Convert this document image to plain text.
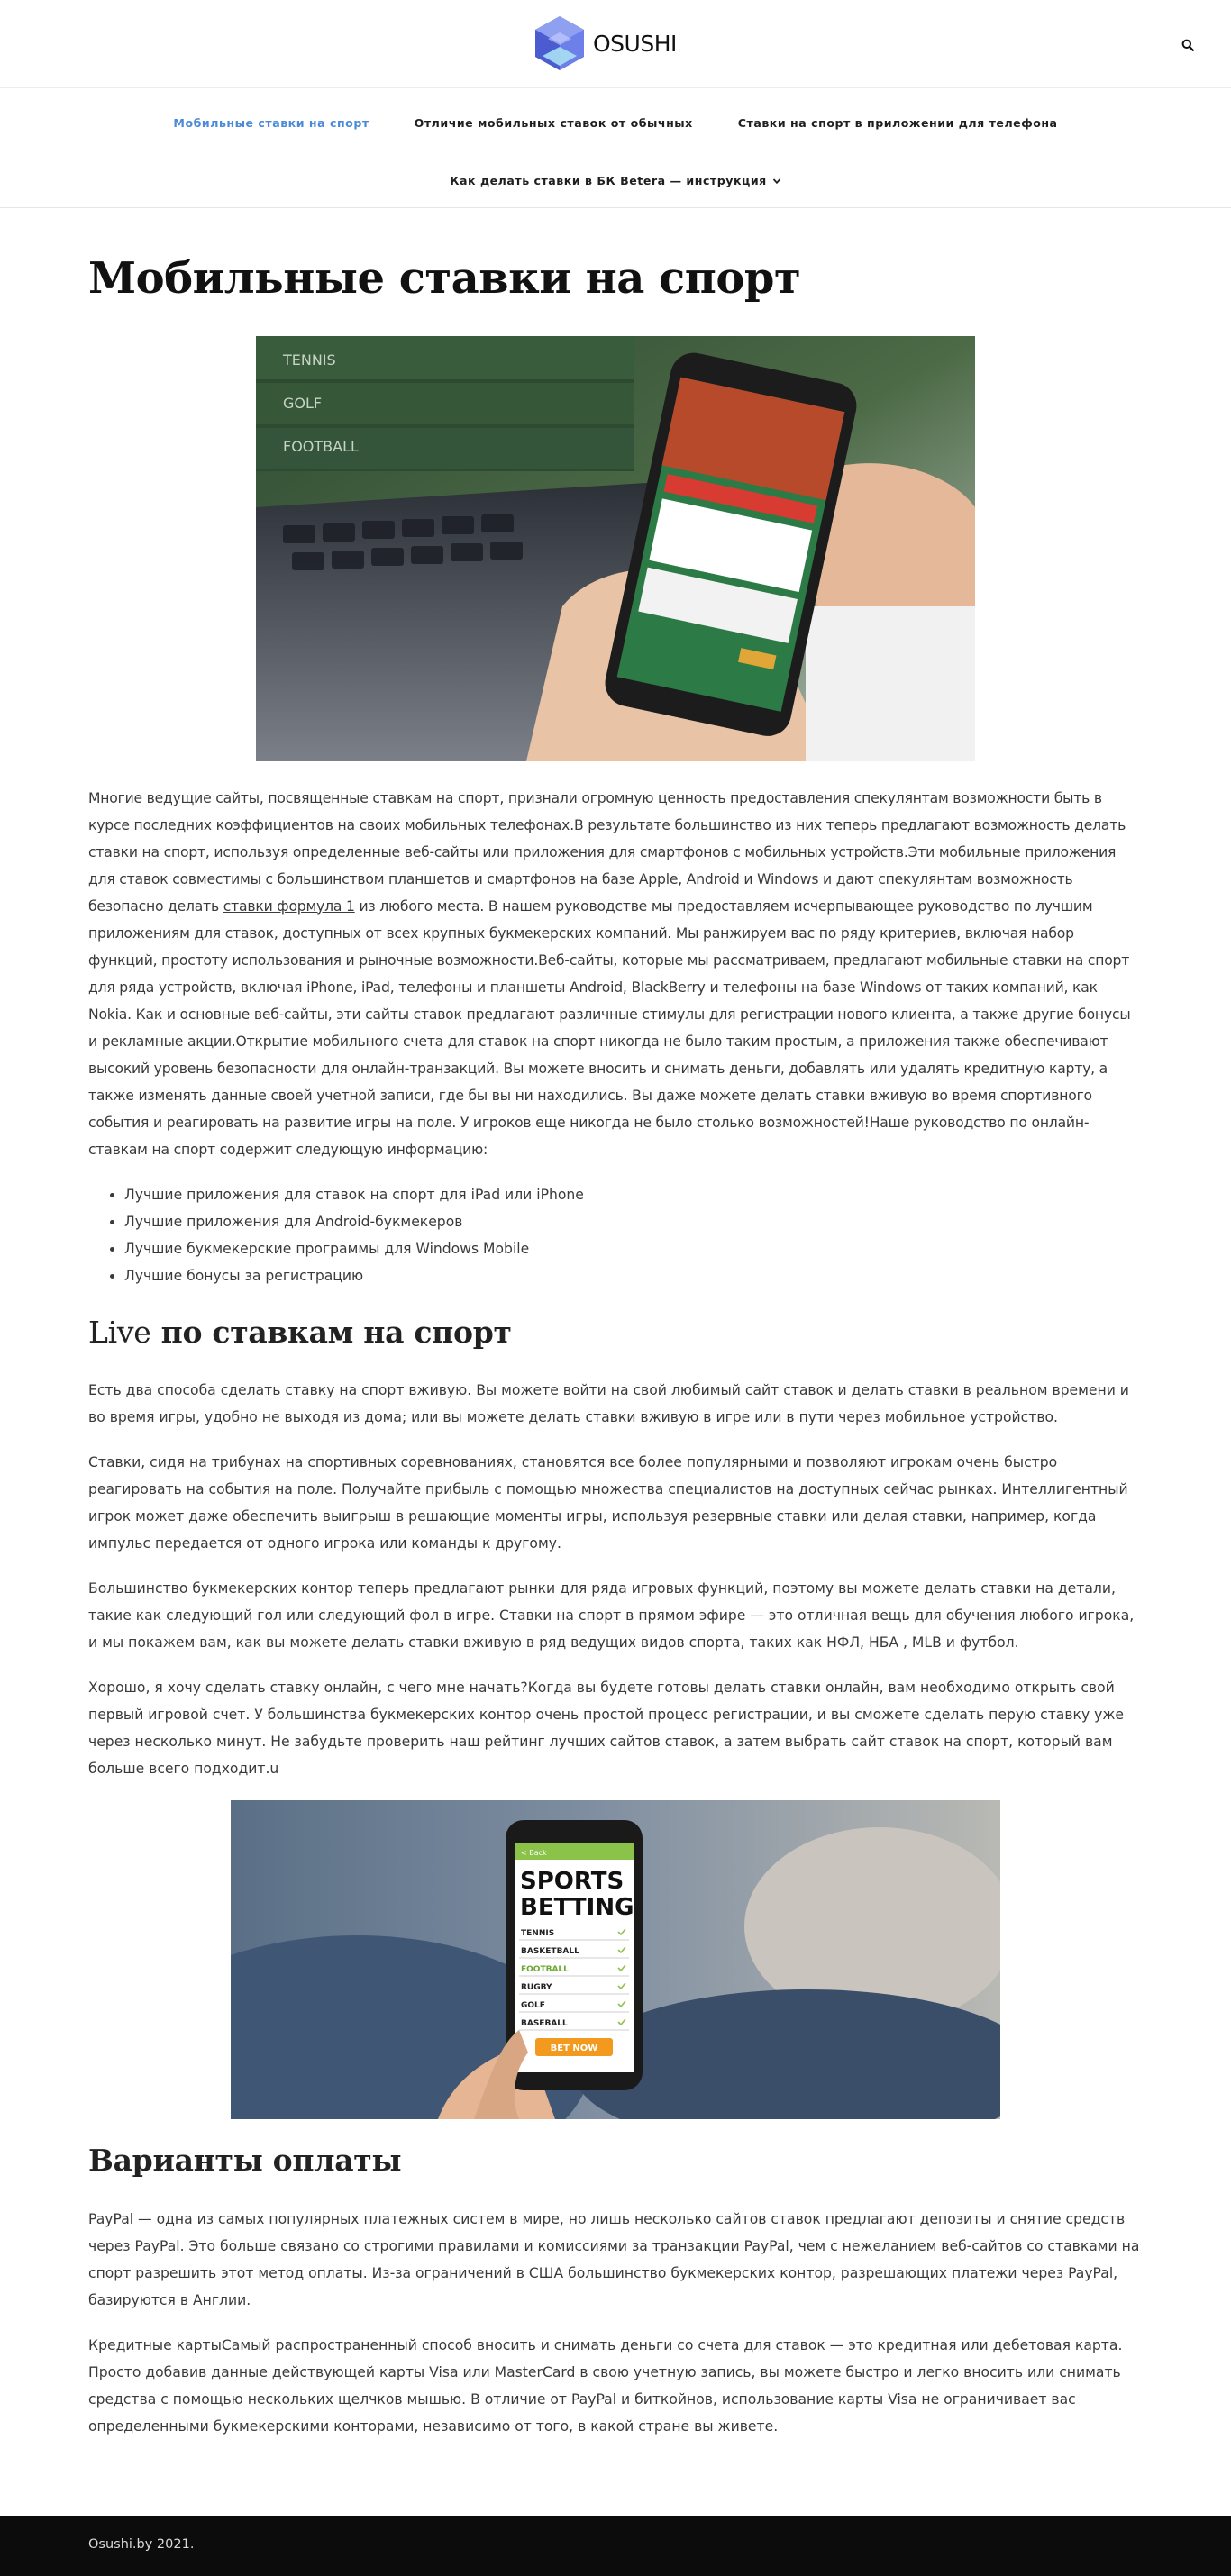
OSUSHI
Мобильные ставки на спорт	Отличие мобильных ставок от обычных	Ставки на спорт в приложении для телефона
Как делать ставки в БК Betera — инструкция
Мобильные ставки на спорт
TENNIS
GOLF
FOOTBALL

Многие ведущие сайты, посвященные ставкам на спорт, признали огромную ценность предоставления спекулянтам возможности быть в курсе последних коэффициентов на своих мобильных телефонах.В результате большинство из них теперь предлагают возможность делать ставки на спорт, используя определенные веб-сайты или приложения для смартфонов с мобильных устройств.Эти мобильные приложения для ставок совместимы с большинством планшетов и смартфонов на базе Apple, Android и Windows и дают спекулянтам возможность безопасно делать ставки формула 1 из любого места. В нашем руководстве мы предоставляем исчерпывающее руководство по лучшим приложениям для ставок, доступных от всех крупных букмекерских компаний. Мы ранжируем вас по ряду критериев, включая набор функций, простоту использования и рыночные возможности.Веб-сайты, которые мы рассматриваем, предлагают мобильные ставки на спорт для ряда устройств, включая iPhone, iPad, телефоны и планшеты Android, BlackBerry и телефоны на базе Windows от таких компаний, как Nokia. Как и основные веб-сайты, эти сайты ставок предлагают различные стимулы для регистрации нового клиента, а также другие бонусы и рекламные акции.Открытие мобильного счета для ставок на спорт никогда не было таким простым, а приложения также обеспечивают высокий уровень безопасности для онлайн-транзакций. Вы можете вносить и снимать деньги, добавлять или удалять кредитную карту, а также изменять данные своей учетной записи, где бы вы ни находились. Вы даже можете делать ставки вживую во время спортивного события и реагировать на развитие игры на поле. У игроков еще никогда не было столько возможностей!Наше руководство по онлайн-ставкам на спорт содержит следующую информацию:

• Лучшие приложения для ставок на спорт для iPad или iPhone
• Лучшие приложения для Android-букмекеров
• Лучшие букмекерские программы для Windows Mobile
• Лучшие бонусы за регистрацию
Live по ставкам на спорт

Есть два способа сделать ставку на спорт вживую. Вы можете войти на свой любимый сайт ставок и делать ставки в реальном времени и во время игры, удобно не выходя из дома; или вы можете делать ставки вживую в игре или в пути через мобильное устройство.

Ставки, сидя на трибунах на спортивных соревнованиях, становятся все более популярными и позволяют игрокам очень быстро реагировать на события на поле. Получайте прибыль с помощью множества специалистов на доступных сейчас рынках. Интеллигентный игрок может даже обеспечить выигрыш в решающие моменты игры, используя резервные ставки или делая ставки, например, когда импульс передается от одного игрока или команды к другому.

Большинство букмекерских контор теперь предлагают рынки для ряда игровых функций, поэтому вы можете делать ставки на детали, такие как следующий гол или следующий фол в игре. Ставки на спорт в прямом эфире — это отличная вещь для обучения любого игрока, и мы покажем вам, как вы можете делать ставки вживую в ряд ведущих видов спорта, таких как НФЛ, НБА , MLB и футбол.

Хорошо, я хочу сделать ставку онлайн, с чего мне начать?Когда вы будете готовы делать ставки онлайн, вам необходимо открыть свой первый игровой счет. У большинства букмекерских контор очень простой процесс регистрации, и вы сможете сделать перую ставку уже через несколько минут. Не забудьте проверить наш рейтинг лучших сайтов ставок, а затем выбрать сайт ставок на спорт, который вам больше всего подходит.u

< Back
SPORTS
BETTING
TENNIS
BASKETBALL
FOOTBALL
RUGBY
GOLF
BASEBALL
BET NOW
Варианты оплаты

PayPal — одна из самых популярных платежных систем в мире, но лишь несколько сайтов ставок предлагают депозиты и снятие средств через PayPal. Это больше связано со строгими правилами и комиссиями за транзакции PayPal, чем с нежеланием веб-сайтов со ставками на спорт разрешить этот метод оплаты. Из-за ограничений в США большинство букмекерских контор, разрешающих платежи через PayPal, базируются в Англии.

Кредитные картыСамый распространенный способ вносить и снимать деньги со счета для ставок — это кредитная или дебетовая карта. Просто добавив данные действующей карты Visa или MasterCard в свою учетную запись, вы можете быстро и легко вносить или снимать средства с помощью нескольких щелчков мышью. В отличие от PayPal и биткойнов, использование карты Visa не ограничивает вас определенными букмекерскими конторами, независимо от того, в какой стране вы живете.

Osushi.by 2021.
